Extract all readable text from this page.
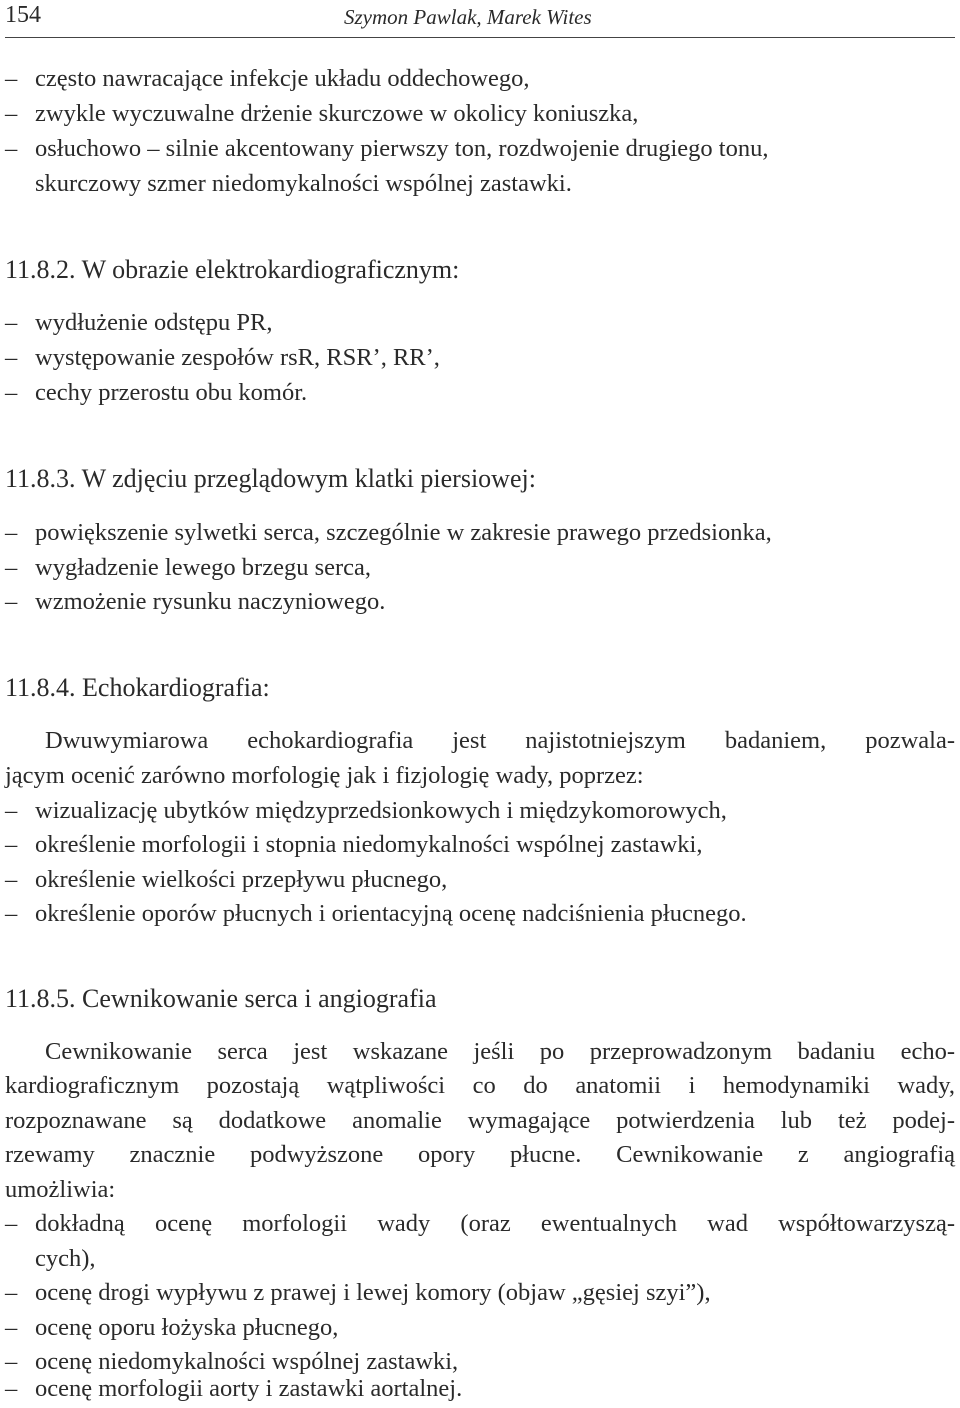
154	Szymon Pawlak, Marek Wites
– często nawracające infekcje układu oddechowego,
– zwykle wyczuwalne drżenie skurczowe w okolicy koniuszka,
– osłuchowo – silnie akcentowany pierwszy ton, rozdwojenie drugiego tonu,
skurczowy szmer niedomykalności wspólnej zastawki.
11.8.2. W obrazie elektrokardiograficznym:
– wydłużenie odstępu PR,
– występowanie zespołów rsR, RSR’, RR’,
– cechy przerostu obu komór.
11.8.3. W zdjęciu przeglądowym klatki piersiowej:
– powiększenie sylwetki serca, szczególnie w zakresie prawego przedsionka,
– wygładzenie lewego brzegu serca,
– wzmożenie rysunku naczyniowego.
11.8.4. Echokardiografia:
Dwuwymiarowa echokardiografia jest najistotniejszym badaniem, pozwala-
jącym ocenić zarówno morfologię jak i fizjologię wady, poprzez:
– wizualizację ubytków międzyprzedsionkowych i międzykomorowych,
– określenie morfologii i stopnia niedomykalności wspólnej zastawki,
– określenie wielkości przepływu płucnego,
– określenie oporów płucnych i orientacyjną ocenę nadciśnienia płucnego.
11.8.5. Cewnikowanie serca i angiografia
Cewnikowanie serca jest wskazane jeśli po przeprowadzonym badaniu echo-
kardiograficznym pozostają wątpliwości co do anatomii i hemodynamiki wady,
rozpoznawane są dodatkowe anomalie wymagające potwierdzenia lub też podej-
rzewamy znacznie podwyższone opory płucne. Cewnikowanie z angiografią
umożliwia:
– dokładną ocenę morfologii wady (oraz ewentualnych wad współtowarzyszą-
cych),
– ocenę drogi wypływu z prawej i lewej komory (objaw „gęsiej szyi”),
– ocenę oporu łożyska płucnego,
– ocenę niedomykalności wspólnej zastawki,
– ocenę morfologii aorty i zastawki aortalnej.
